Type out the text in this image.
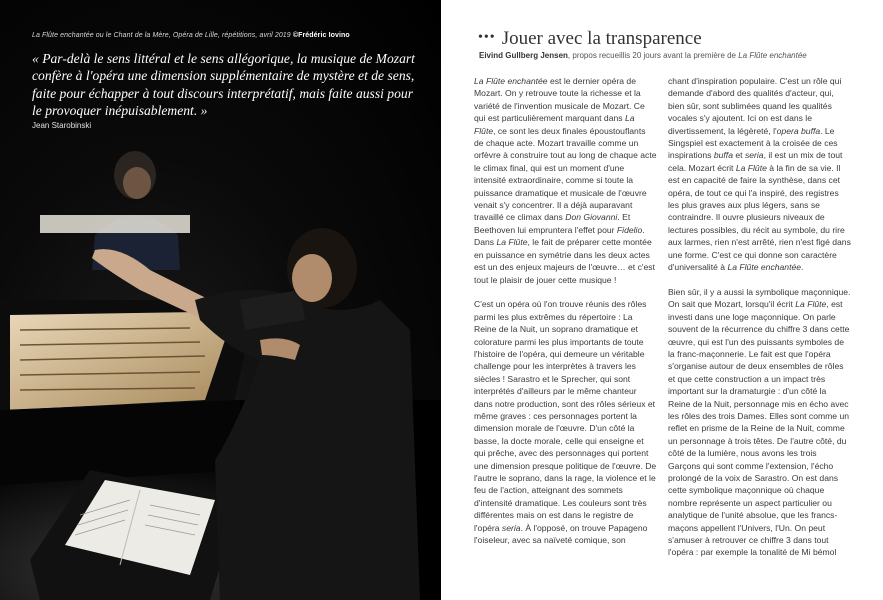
La Flûte enchantée ou le Chant de la Mère, Opéra de Lille, répétitions, avril 2019 ©Frédéric Iovino
« Par-delà le sens littéral et le sens allégorique, la musique de Mozart confère à l'opéra une dimension supplémentaire de mystère et de sens, faite pour échapper à tout discours interprétatif, mais faite aussi pour le provoquer inépuisablement. »
Jean Starobinski
••• Jouer avec la transparence
Eivind Gullberg Jensen, propos recueillis 20 jours avant la première de La Flûte enchantée

La Flûte enchantée est le dernier opéra de Mozart. On y retrouve toute la richesse et la variété de l'invention musicale de Mozart. Ce qui est particulièrement marquant dans La Flûte, ce sont les deux finales époustouflants de chaque acte. Mozart travaille comme un orfèvre à construire tout au long de chaque acte le climax final, qui est un moment d'une intensité extraordinaire, comme si toute la puissance dramatique et musicale de l'œuvre venait s'y concentrer. Il a déjà auparavant travaillé ce climax dans Don Giovanni. Et Beethoven lui empruntera l'effet pour Fidelio. Dans La Flûte, le fait de préparer cette montée en puissance en symétrie dans les deux actes est un des enjeux majeurs de l'œuvre… et c'est tout le plaisir de jouer cette musique !

C'est un opéra où l'on trouve réunis des rôles parmi les plus extrêmes du répertoire : La Reine de la Nuit, un soprano dramatique et colorature parmi les plus importants de toute l'histoire de l'opéra, qui demeure un véritable challenge pour les interprètes à travers les siècles ! Sarastro et le Sprecher, qui sont interprétés d'ailleurs par le même chanteur dans notre production, sont des rôles sérieux et même graves : ces personnages portent la dimension morale de l'œuvre. D'un côté la basse, la docte morale, celle qui enseigne et qui prêche, avec des personnages qui portent une dimension presque politique de l'œuvre. De l'autre le soprano, dans la rage, la violence et le feu de l'action, atteignant des sommets d'intensité dramatique. Les couleurs sont très différentes mais on est dans le registre de l'opéra seria. À l'opposé, on trouve Papageno l'oiseleur, avec sa naïveté comique, son

chant d'inspiration populaire. C'est un rôle qui demande d'abord des qualités d'acteur, qui, bien sûr, sont sublimées quand les qualités vocales s'y ajoutent. Ici on est dans le divertissement, la légèreté, l'opera buffa. Le Singspiel est exactement à la croisée de ces inspirations buffa et seria, il est un mix de tout cela. Mozart écrit La Flûte à la fin de sa vie. Il est en capacité de faire la synthèse, dans cet opéra, de tout ce qui l'a inspiré, des registres les plus graves aux plus légers, sans se contraindre. Il ouvre plusieurs niveaux de lectures possibles, du récit au symbole, du rire aux larmes, rien n'est arrêté, rien n'est figé dans une forme. C'est ce qui donne son caractère d'universalité à La Flûte enchantée.

Bien sûr, il y a aussi la symbolique maçonnique. On sait que Mozart, lorsqu'il écrit La Flûte, est investi dans une loge maçonnique. On parle souvent de la récurrence du chiffre 3 dans cette œuvre, qui est l'un des puissants symboles de la franc-maçonnerie. Le fait est que l'opéra s'organise autour de deux ensembles de rôles et que cette construction a un impact très important sur la dramaturgie : d'un côté la Reine de la Nuit, personnage mis en écho avec les rôles des trois Dames. Elles sont comme un reflet en prisme de la Reine de la Nuit, comme un personnage à trois têtes. De l'autre côté, du côté de la lumière, nous avons les trois Garçons qui sont comme l'extension, l'écho prolongé de la voix de Sarastro. On est dans cette symbolique maçonnique où chaque nombre représente un aspect particulier ou analytique de l'unité absolue, que les francs-maçons appellent l'Univers, l'Un. On peut s'amuser à retrouver ce chiffre 3 dans tout l'opéra : par exemple la tonalité de Mi bémol
